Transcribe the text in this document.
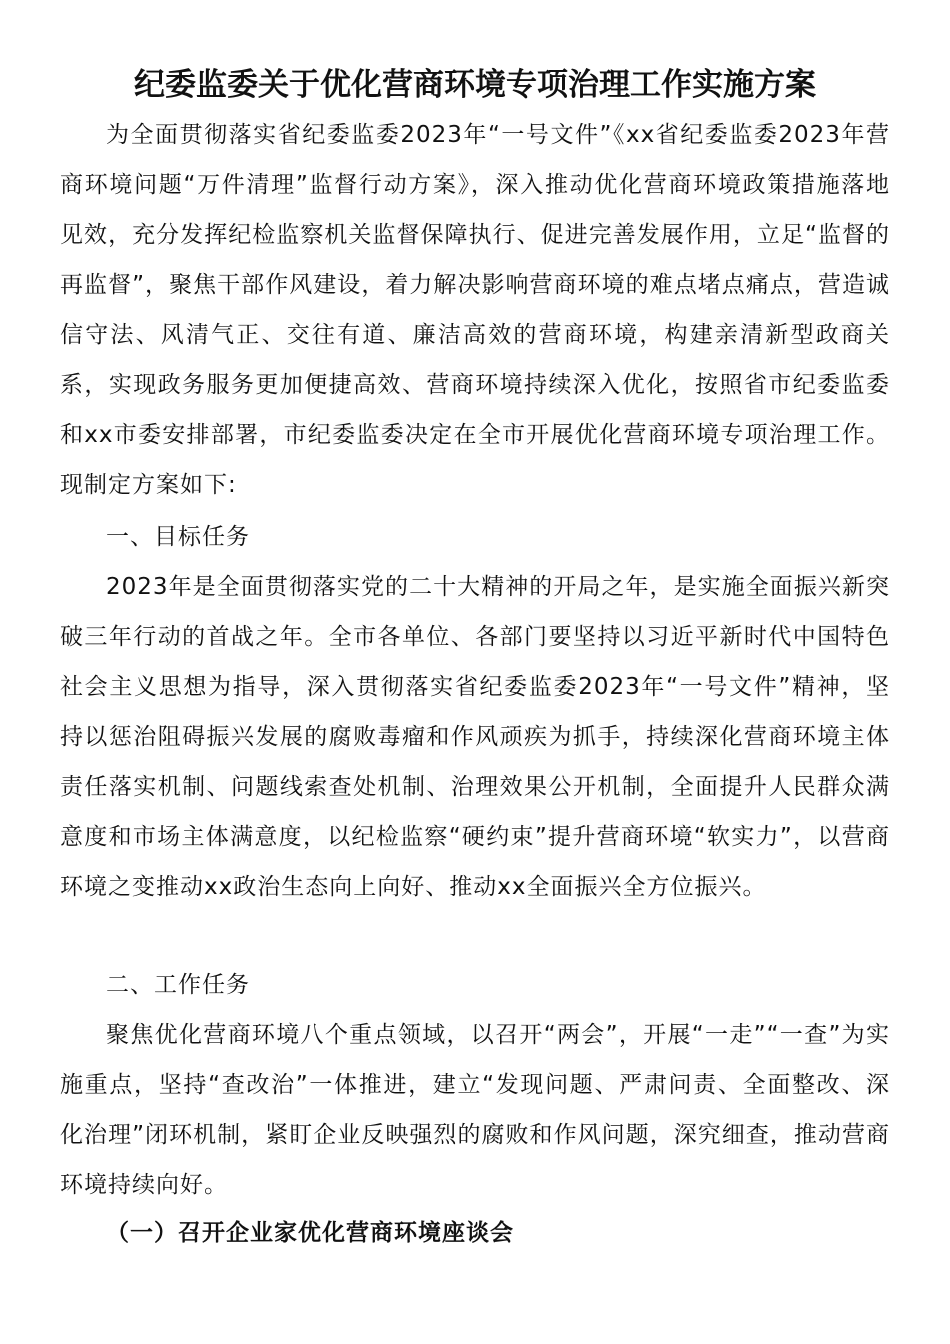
纪委监委关于优化营商环境专项治理工作实施方案

为全面贯彻落实省纪委监委2023年“一号文件”《xx省纪委监委2023年营商环境问题“万件清理”监督行动方案》，深入推动优化营商环境政策措施落地见效，充分发挥纪检监察机关监督保障执行、促进完善发展作用，立足“监督的再监督”，聚焦干部作风建设，着力解决影响营商环境的难点堵点痛点，营造诚信守法、风清气正、交往有道、廉洁高效的营商环境，构建亲清新型政商关系，实现政务服务更加便捷高效、营商环境持续深入优化，按照省市纪委监委和xx市委安排部署，市纪委监委决定在全市开展优化营商环境专项治理工作。现制定方案如下:

一、目标任务

2023年是全面贯彻落实党的二十大精神的开局之年，是实施全面振兴新突破三年行动的首战之年。全市各单位、各部门要坚持以习近平新时代中国特色社会主义思想为指导，深入贯彻落实省纪委监委2023年“一号文件”精神，坚持以惩治阻碍振兴发展的腐败毒瘤和作风顽疾为抓手，持续深化营商环境主体责任落实机制、问题线索查处机制、治理效果公开机制，全面提升人民群众满意度和市场主体满意度，以纪检监察“硬约束”提升营商环境“软实力”，以营商环境之变推动xx政治生态向上向好、推动xx全面振兴全方位振兴。

二、工作任务

聚焦优化营商环境八个重点领域，以召开“两会”，开展“一走”“一查”为实施重点，坚持“查改治”一体推进，建立“发现问题、严肃问责、全面整改、深化治理”闭环机制，紧盯企业反映强烈的腐败和作风问题，深究细查，推动营商环境持续向好。

（一）召开企业家优化营商环境座谈会
